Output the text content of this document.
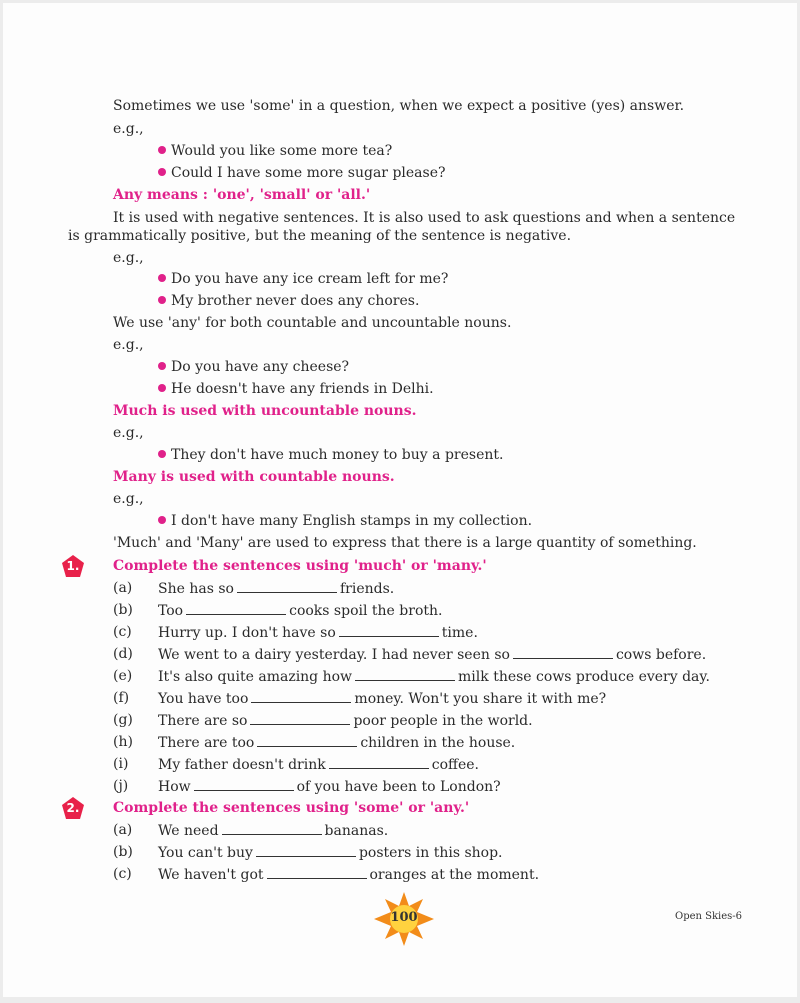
Sometimes we use 'some' in a question, when we expect a positive (yes) answer.
e.g.,
Would you like some more tea?
Could I have some more sugar please?
Any means : 'one', 'small' or 'all.'
It is used with negative sentences. It is also used to ask questions and when a sentence
is grammatically positive, but the meaning of the sentence is negative.
e.g.,
Do you have any ice cream left for me?
My brother never does any chores.
We use 'any' for both countable and uncountable nouns.
e.g.,
Do you have any cheese?
He doesn't have any friends in Delhi.
Much is used with uncountable nouns.
e.g.,
They don't have much money to buy a present.
Many is used with countable nouns.
e.g.,
I don't have many English stamps in my collection.
'Much' and 'Many' are used to express that there is a large quantity of something.
1.	Complete the sentences using 'much' or 'many.'
(a) She has so	friends.
(b) Too	cooks spoil the broth.
(c) Hurry up. I don't have so	time.
(d) We went to a dairy yesterday. I had never seen so	cows before.
(e) It's also quite amazing how	milk these cows produce every day.
(f) You have too	money. Won't you share it with me?
(g) There are so	poor people in the world.
(h) There are too	children in the house.
(i) My father doesn't drink	coffee.
(j) How	of you have been to London?
2.	Complete the sentences using 'some' or 'any.'
(a) We need	bananas.
(b) You can't buy	posters in this shop.
(c) We haven't got	oranges at the moment.
100	Open Skies-6
